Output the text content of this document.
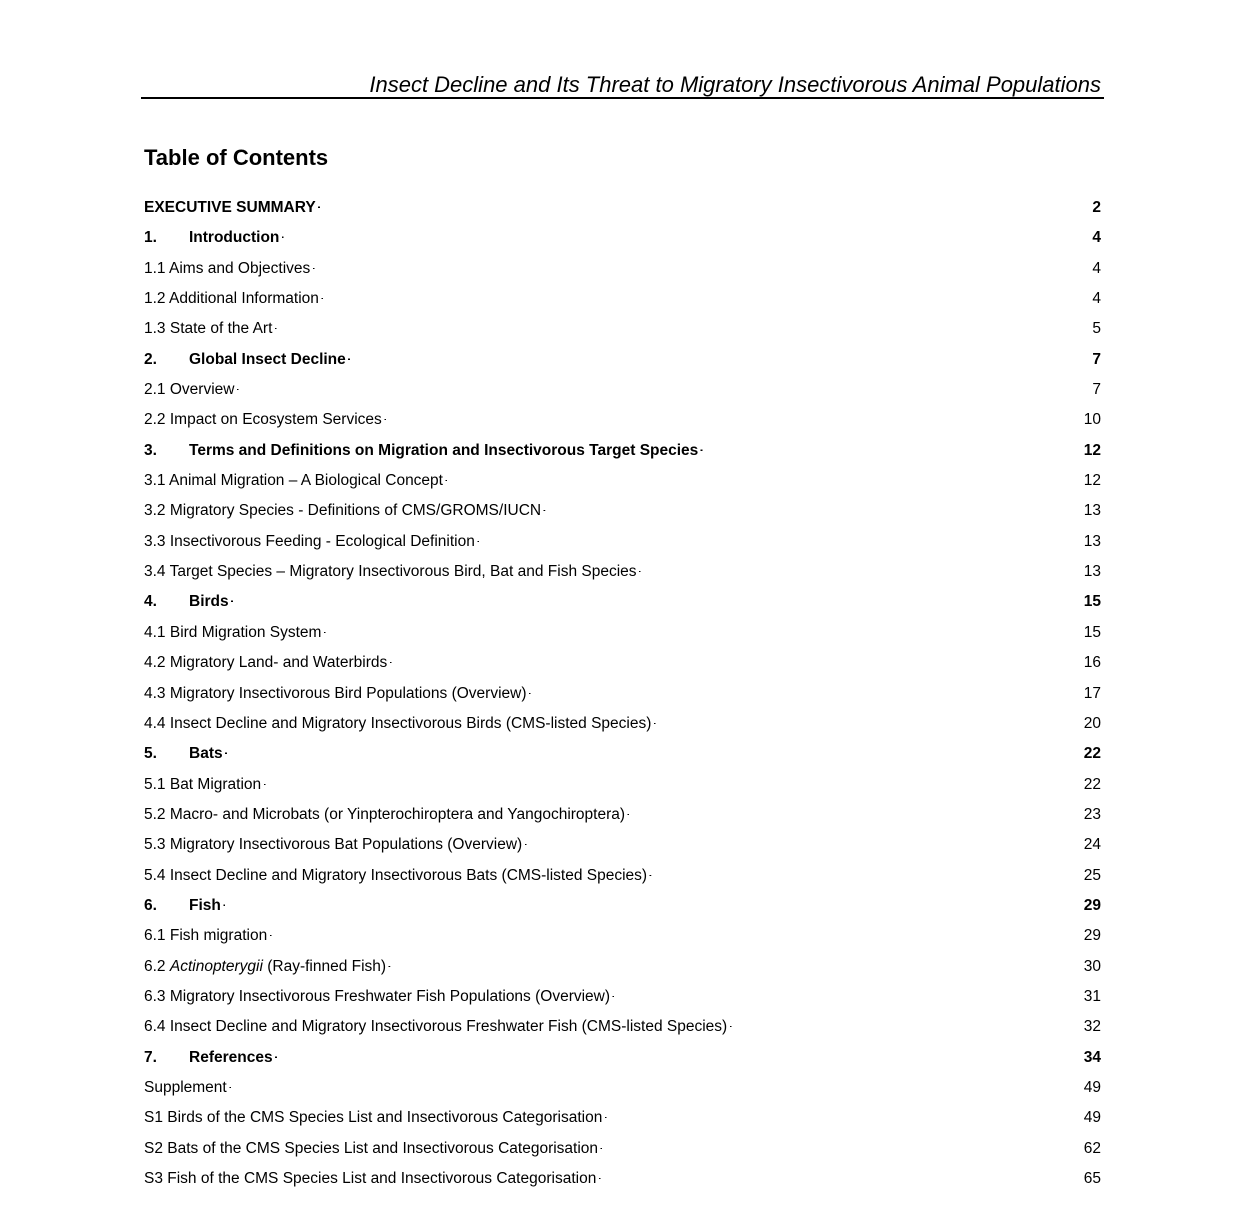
Insect Decline and Its Threat to Migratory Insectivorous Animal Populations
Table of Contents
EXECUTIVE SUMMARY . . .	2
1.	Introduction . . .	4
1.1 Aims and Objectives . . .	4
1.2 Additional Information . . .	4
1.3 State of the Art . . .	5
2.	Global Insect Decline . . .	7
2.1 Overview . . .	7
2.2 Impact on Ecosystem Services . . .	10
3.	Terms and Definitions on Migration and Insectivorous Target Species . . .	12
3.1 Animal Migration – A Biological Concept . . .	12
3.2 Migratory Species - Definitions of CMS/GROMS/IUCN . . .	13
3.3 Insectivorous Feeding - Ecological Definition . . .	13
3.4 Target Species – Migratory Insectivorous Bird, Bat and Fish Species . . .	13
4.	Birds . . .	15
4.1 Bird Migration System . . .	15
4.2 Migratory Land- and Waterbirds . . .	16
4.3 Migratory Insectivorous Bird Populations (Overview) . . .	17
4.4 Insect Decline and Migratory Insectivorous Birds (CMS-listed Species) . . .	20
5.	Bats . . .	22
5.1 Bat Migration . . .	22
5.2 Macro- and Microbats (or Yinpterochiroptera and Yangochiroptera) . . .	23
5.3 Migratory Insectivorous Bat Populations (Overview) . . .	24
5.4 Insect Decline and Migratory Insectivorous Bats (CMS-listed Species) . . .	25
6.	Fish . . .	29
6.1 Fish migration . . .	29
6.2 Actinopterygii (Ray-finned Fish) . . .	30
6.3 Migratory Insectivorous Freshwater Fish Populations (Overview) . . .	31
6.4 Insect Decline and Migratory Insectivorous Freshwater Fish (CMS-listed Species) . . .	32
7.	References . . .	34
Supplement . . .	49
S1 Birds of the CMS Species List and Insectivorous Categorisation . . .	49
S2 Bats of the CMS Species List and Insectivorous Categorisation . . .	62
S3 Fish of the CMS Species List and Insectivorous Categorisation . . .	65
